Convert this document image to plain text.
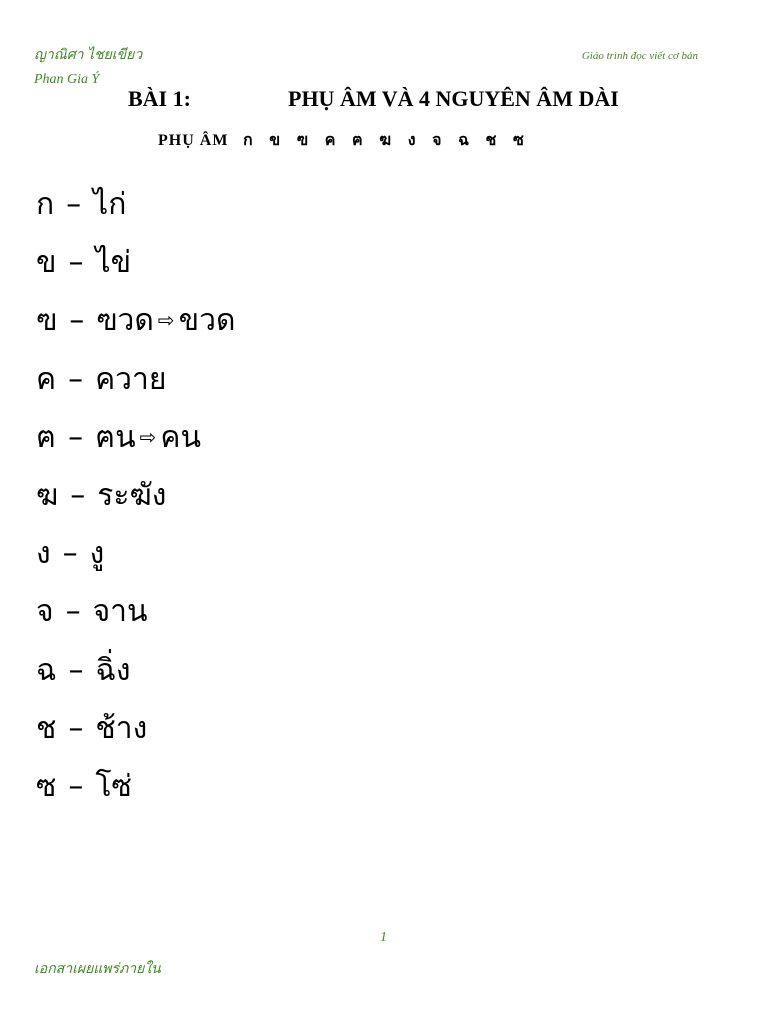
ญาณิศา ไชยเขียว
Phan Gia Ý
Giáo trình đọc viết cơ bản
BÀI 1:	PHỤ ÂM VÀ 4 NGUYÊN ÂM DÀI
PHỤ ÂM ก ข ฃ ค ฅ ฆ ง จ ฉ ช ซ
ก – ไก่
ข – ไข่
ฃ – ฃวด ⇨ ขวด
ค – ควาย
ฅ – ฅน ⇨ คน
ฆ – ระฆัง
ง – งู
จ – จาน
ฉ – ฉิ่ง
ช – ช้าง
ซ – โซ่
1
เอกสาเผยแพร่ภายใน
